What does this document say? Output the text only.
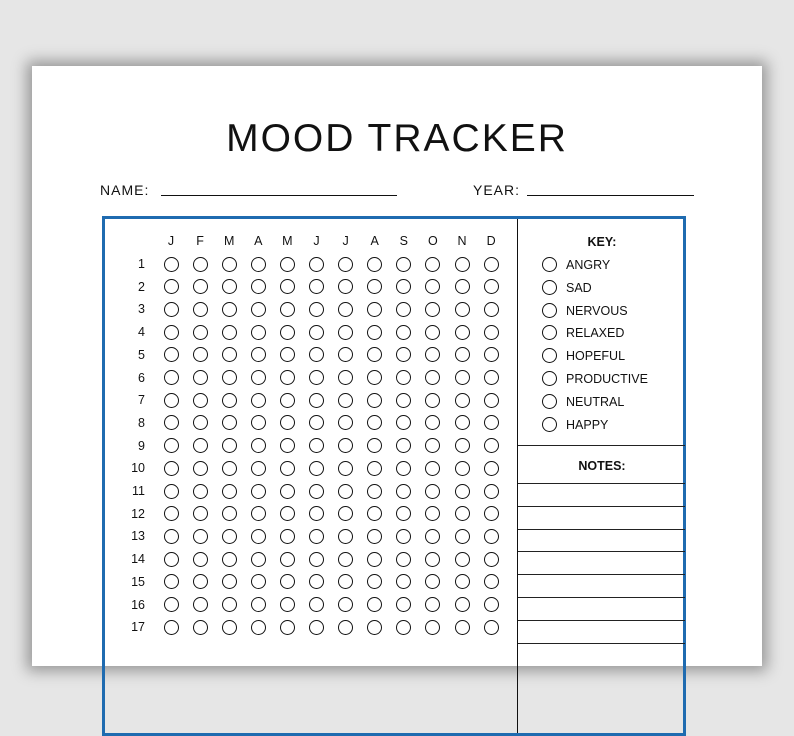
MOOD TRACKER
NAME:	YEAR:
KEY:
NOTES:
J	F	M	A	M	J	J	A	S	O	N	D
1
2
3
4
5
6
7
8
9
10
11
12
13
14
15
16
17
ANGRY
SAD
NERVOUS
RELAXED
HOPEFUL
PRODUCTIVE
NEUTRAL
HAPPY
